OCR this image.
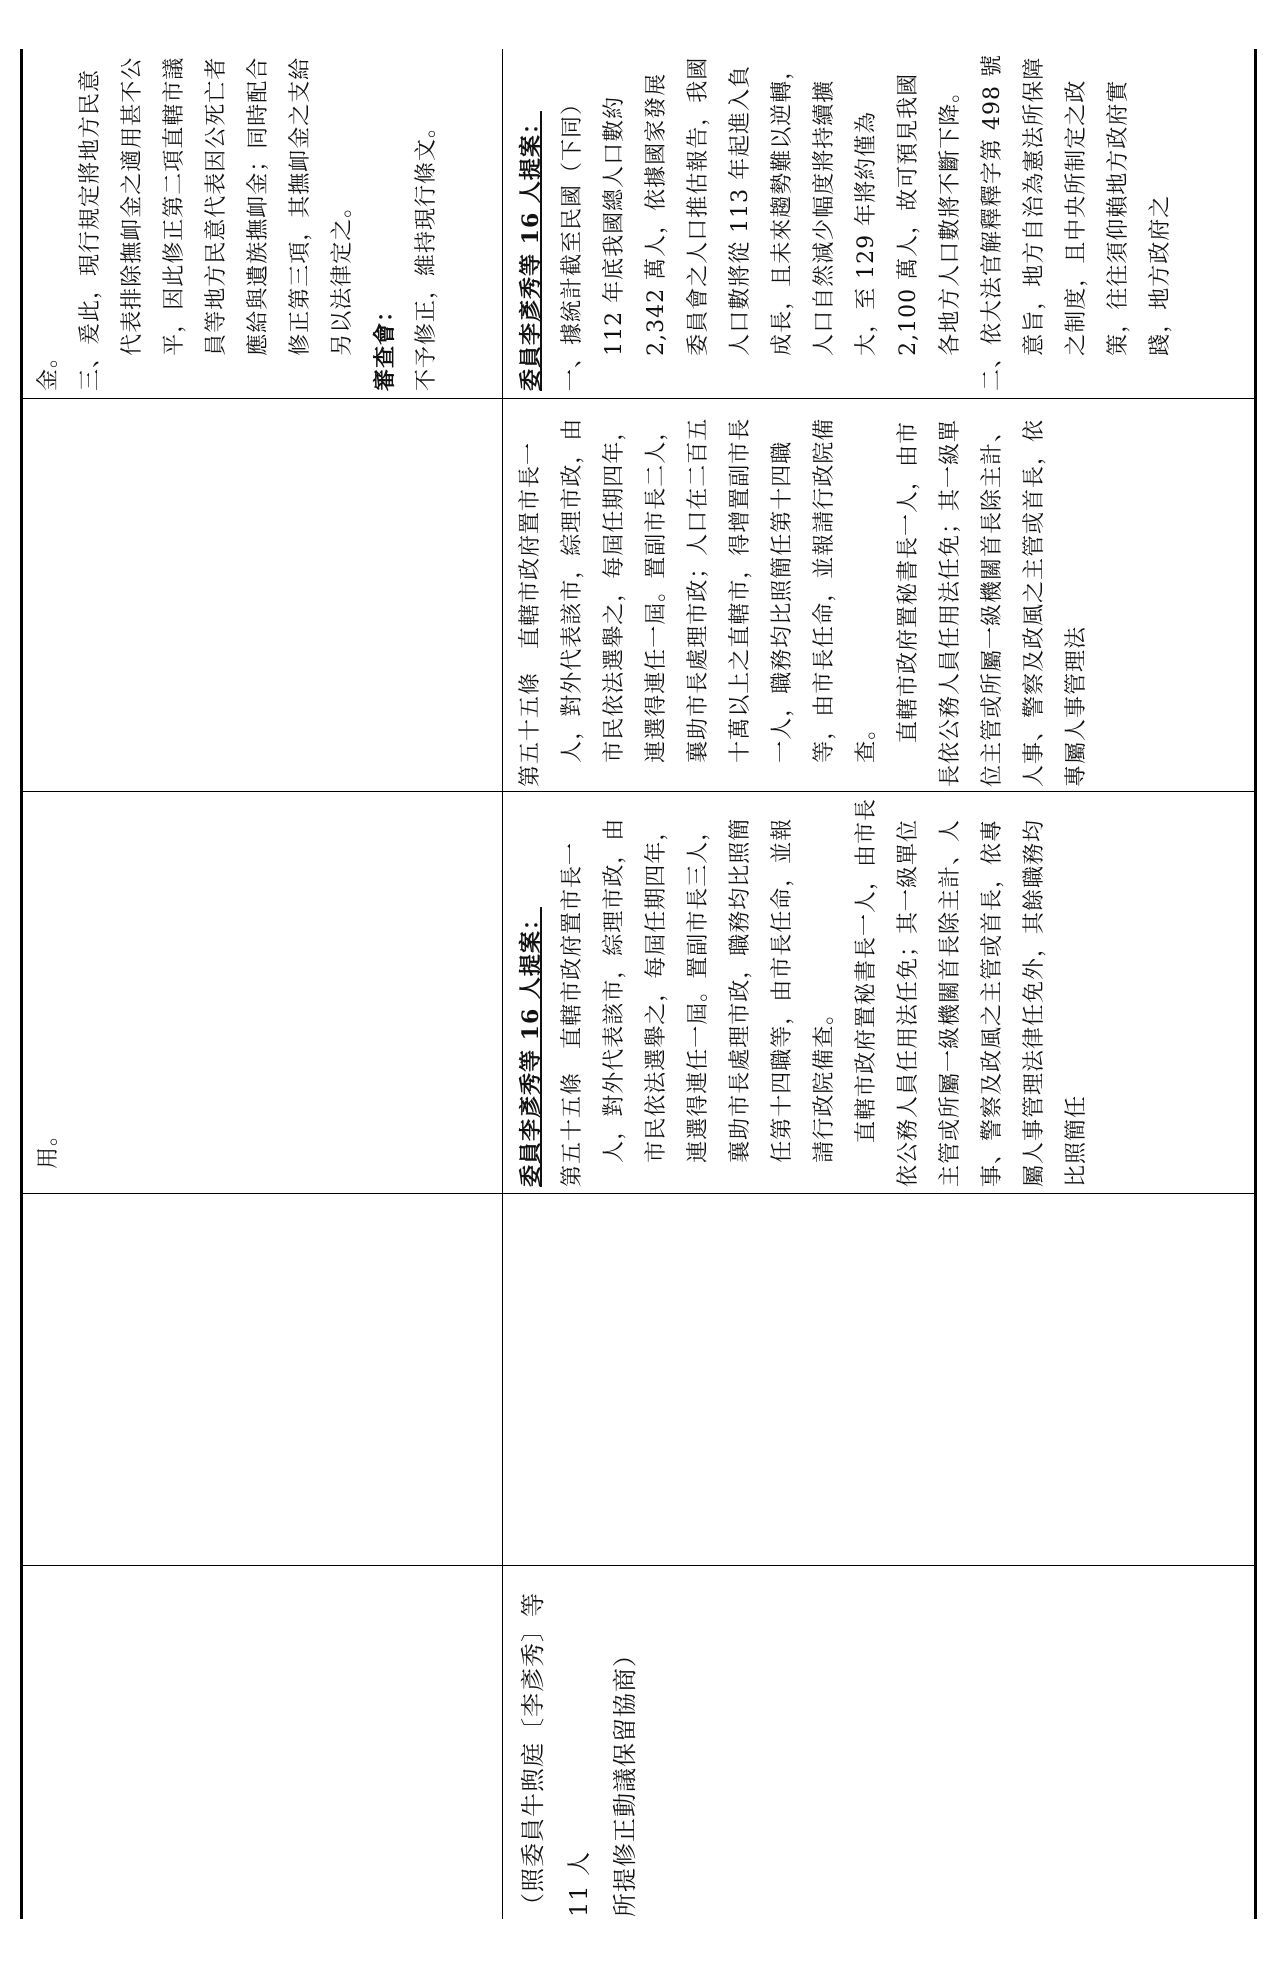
用。

金。 三、爰此，現行規定將地方民意代表排除撫卹金之適用甚不公平，因此修正第二項直轄市議員等地方民意代表因公死亡者應給與遺族撫卹金；同時配合修正第三項，其撫卹金之支給另以法律定之。 審查會： 不予修正，維持現行條文。

（照委員牛煦庭〔李彥秀〕等 11 人 所提修正動議保留協商）

委員李彥秀等 16 人提案： 第五十五條　直轄市政府置市長一人，對外代表該市，綜理市政，由市民依法選舉之，每屆任期四年，連選得連任一屆。置副市長三人，襄助市長處理市政，職務均比照簡任第十四職等，由市長任命，並報請行政院備查。 直轄市政府置秘書長一人，由市長依公務人員任用法任免；其一級單位主管或所屬一級機關首長除主計、人事、警察及政風之主管或首長，依專屬人事管理法律任免外，其餘職務均比照簡任

第五十五條　直轄市政府置市長一人，對外代表該市，綜理市政，由市民依法選舉之，每屆任期四年，連選得連任一屆。置副市長二人，襄助市長處理市政；人口在二百五十萬以上之直轄市，得增置副市長一人，職務均比照簡任第十四職等，由市長任命，並報請行政院備查。 直轄市政府置秘書長一人，由市長依公務人員任用法任免；其一級單位主管或所屬一級機關首長除主計、人事、警察及政風之主管或首長，依專屬人事管理法

委員李彥秀等 16 人提案： 一、據統計截至民國（下同）112 年底我國總人口數約 2,342 萬人，依據國家發展委員會之人口推估報告，我國人口數將從 113 年起進入負成長，且未來趨勢難以逆轉，人口自然減少幅度將持續擴大，至 129 年將約僅為 2,100 萬人，故可預見我國各地方人口數將不斷下降。 二、依大法官解釋釋字第 498 號意旨，地方自治為憲法所保障之制度，且中央所制定之政策，往往須仰賴地方政府實踐，地方政府之
